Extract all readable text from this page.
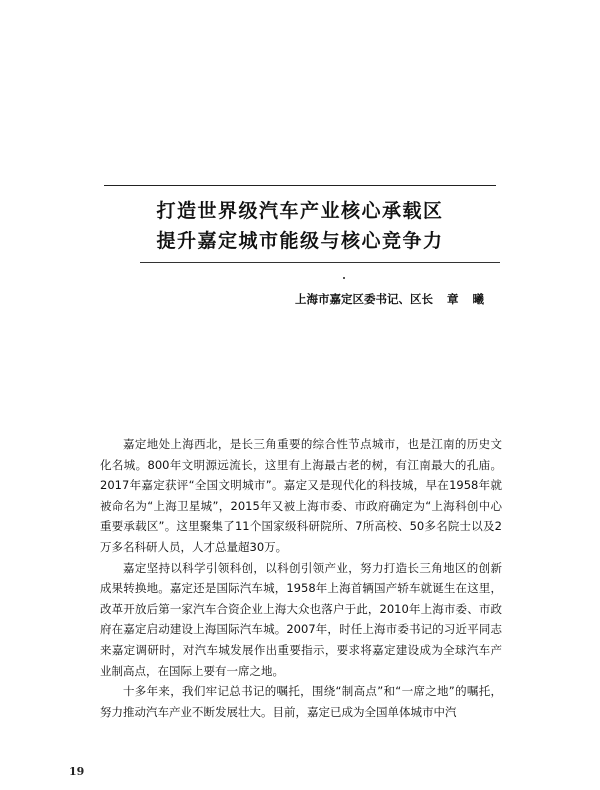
打造世界级汽车产业核心承载区
提升嘉定城市能级与核心竞争力
上海市嘉定区委书记、区长 章曦

嘉定地处上海西北，是长三角重要的综合性节点城市，也是江南的历史文化名城。800年文明源远流长，这里有上海最古老的树，有江南最大的孔庙。2017年嘉定获评“全国文明城市”。嘉定又是现代化的科技城，早在1958年就被命名为“上海卫星城”，2015年又被上海市委、市政府确定为“上海科创中心重要承载区”。这里聚集了11个国家级科研院所、7所高校、50多名院士以及2万多名科研人员，人才总量超30万。

嘉定坚持以科学引领科创，以科创引领产业，努力打造长三角地区的创新成果转换地。嘉定还是国际汽车城，1958年上海首辆国产轿车就诞生在这里，改革开放后第一家汽车合资企业上海大众也落户于此，2010年上海市委、市政府在嘉定启动建设上海国际汽车城。2007年，时任上海市委书记的习近平同志来嘉定调研时，对汽车城发展作出重要指示，要求将嘉定建设成为全球汽车产业制高点，在国际上要有一席之地。

十多年来，我们牢记总书记的嘱托，围绕“制高点”和“一席之地”的嘱托，努力推动汽车产业不断发展壮大。目前，嘉定已成为全国单体城市中汽

19
